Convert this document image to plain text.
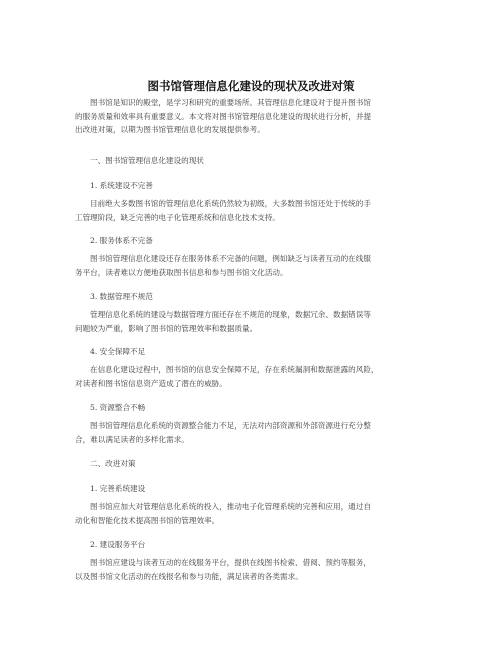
图书馆管理信息化建设的现状及改进对策
图书馆是知识的殿堂，是学习和研究的重要场所。其管理信息化建设对于提升图书馆
的服务质量和效率具有重要意义。本文将对图书馆管理信息化建设的现状进行分析，并提
出改进对策，以期为图书馆管理信息化的发展提供参考。
一、图书馆管理信息化建设的现状
1. 系统建设不完善
目前绝大多数图书馆的管理信息化系统仍然较为初级，大多数图书馆还处于传统的手
工管理阶段，缺乏完善的电子化管理系统和信息化技术支持。
2. 服务体系不完备
图书馆管理信息化建设还存在服务体系不完备的问题，例如缺乏与读者互动的在线服
务平台，读者难以方便地获取图书信息和参与图书馆文化活动。
3. 数据管理不规范
管理信息化系统的建设与数据管理方面还存在不规范的现象，数据冗余、数据错误等
问题较为严重，影响了图书馆的管理效率和数据质量。
4. 安全保障不足
在信息化建设过程中，图书馆的信息安全保障不足，存在系统漏洞和数据泄露的风险，
对读者和图书馆信息资产造成了潜在的威胁。
5. 资源整合不畅
图书馆管理信息化系统的资源整合能力不足，无法对内部资源和外部资源进行充分整
合，难以满足读者的多样化需求。
二、改进对策
1. 完善系统建设
图书馆应加大对管理信息化系统的投入，推动电子化管理系统的完善和应用，通过自
动化和智能化技术提高图书馆的管理效率。
2. 建设服务平台
图书馆应建设与读者互动的在线服务平台，提供在线图书检索、借阅、预约等服务，
以及图书馆文化活动的在线报名和参与功能，满足读者的各类需求。
